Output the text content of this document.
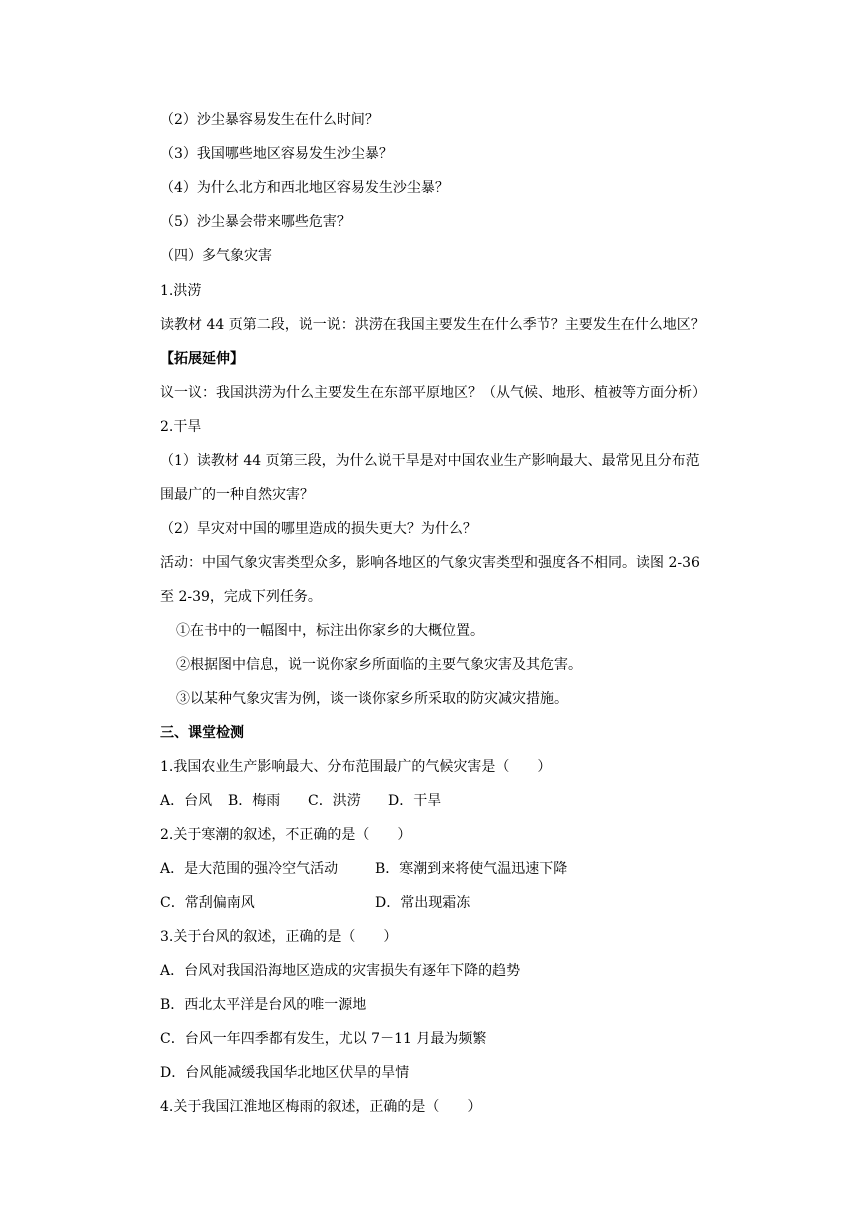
（2）沙尘暴容易发生在什么时间？
（3）我国哪些地区容易发生沙尘暴？
（4）为什么北方和西北地区容易发生沙尘暴？
（5）沙尘暴会带来哪些危害？
（四）多气象灾害
1.洪涝
读教材 44 页第二段，说一说：洪涝在我国主要发生在什么季节？主要发生在什么地区？
【拓展延伸】
议一议：我国洪涝为什么主要发生在东部平原地区？（从气候、地形、植被等方面分析）
2.干旱
（1）读教材 44 页第三段，为什么说干旱是对中国农业生产影响最大、最常见且分布范
围最广的一种自然灾害？
（2）旱灾对中国的哪里造成的损失更大？为什么？
活动：中国气象灾害类型众多，影响各地区的气象灾害类型和强度各不相同。读图 2-36
至 2-39，完成下列任务。
①在书中的一幅图中，标注出你家乡的大概位置。
②根据图中信息，说一说你家乡所面临的主要气象灾害及其危害。
③以某种气象灾害为例，谈一谈你家乡所采取的防灾减灾措施。
三、课堂检测
1.我国农业生产影响最大、分布范围最广的气候灾害是（　　）
A．台风 B．梅雨 C．洪涝 D．干旱
2.关于寒潮的叙述，不正确的是（　　）
A．是大范围的强冷空气活动	B．寒潮到来将使气温迅速下降
C．常刮偏南风	D．常出现霜冻
3.关于台风的叙述，正确的是（　　）
A．台风对我国沿海地区造成的灾害损失有逐年下降的趋势
B．西北太平洋是台风的唯一源地
C．台风一年四季都有发生，尤以 7－11 月最为频繁
D．台风能减缓我国华北地区伏旱的旱情
4.关于我国江淮地区梅雨的叙述，正确的是（　　）
